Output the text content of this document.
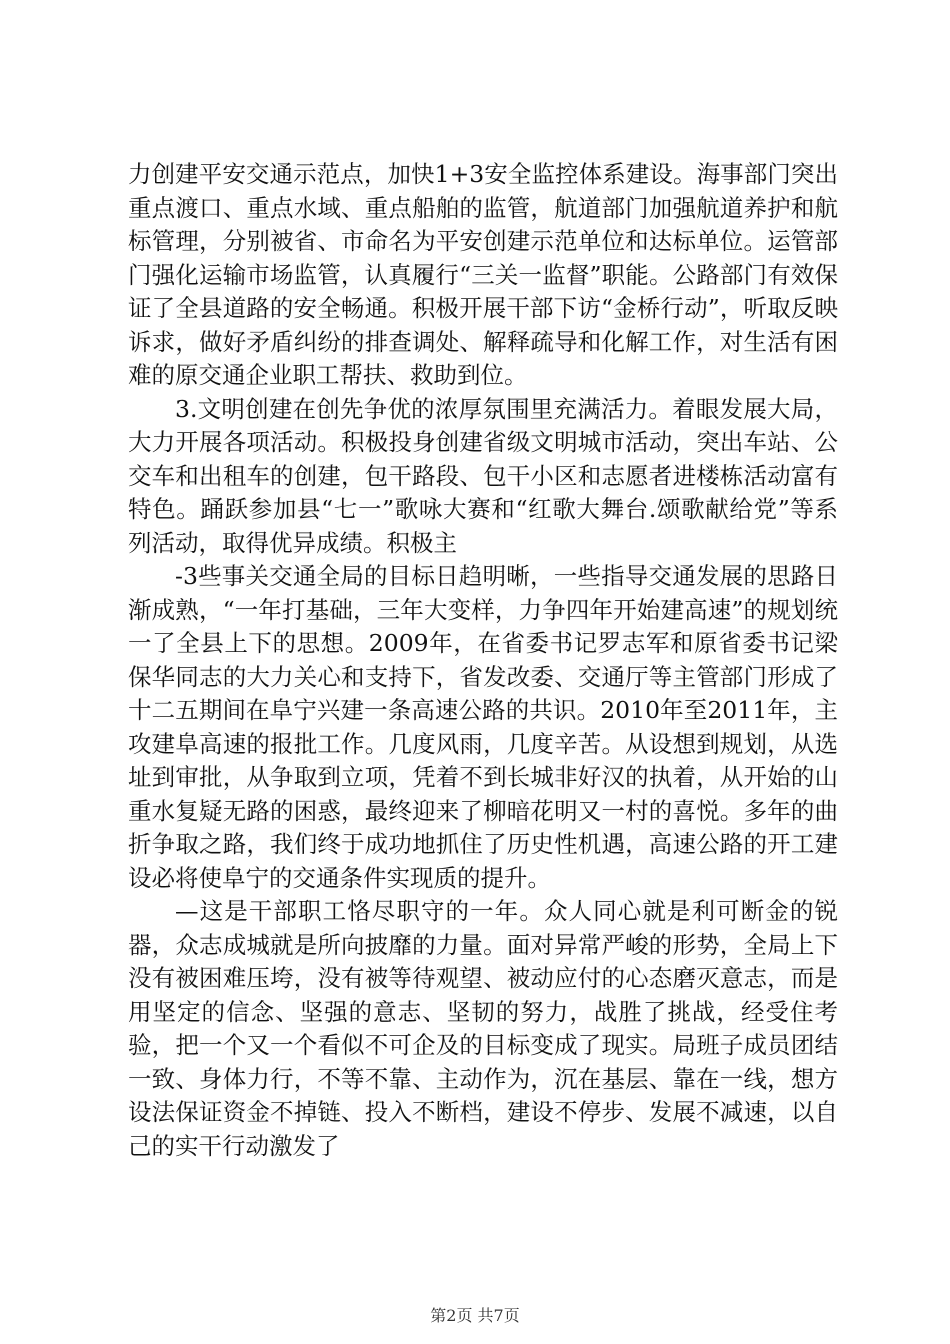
力创建平安交通示范点，加快1+3安全监控体系建设。海事部门突出重点渡口、重点水域、重点船舶的监管，航道部门加强航道养护和航标管理，分别被省、市命名为平安创建示范单位和达标单位。运管部门强化运输市场监管，认真履行“三关一监督”职能。公路部门有效保证了全县道路的安全畅通。积极开展干部下访“金桥行动”，听取反映诉求，做好矛盾纠纷的排查调处、解释疏导和化解工作，对生活有困难的原交通企业职工帮扶、救助到位。

3.文明创建在创先争优的浓厚氛围里充满活力。着眼发展大局，大力开展各项活动。积极投身创建省级文明城市活动，突出车站、公交车和出租车的创建，包干路段、包干小区和志愿者进楼栋活动富有特色。踊跃参加县“七一”歌咏大赛和“红歌大舞台.颂歌献给党”等系列活动，取得优异成绩。积极主

-3些事关交通全局的目标日趋明晰，一些指导交通发展的思路日渐成熟，“一年打基础，三年大变样，力争四年开始建高速”的规划统一了全县上下的思想。2009年，在省委书记罗志军和原省委书记梁保华同志的大力关心和支持下，省发改委、交通厅等主管部门形成了十二五期间在阜宁兴建一条高速公路的共识。2010年至2011年，主攻建阜高速的报批工作。几度风雨，几度辛苦。从设想到规划，从选址到审批，从争取到立项，凭着不到长城非好汉的执着，从开始的山重水复疑无路的困惑，最终迎来了柳暗花明又一村的喜悦。多年的曲折争取之路，我们终于成功地抓住了历史性机遇，高速公路的开工建设必将使阜宁的交通条件实现质的提升。

—这是干部职工恪尽职守的一年。众人同心就是利可断金的锐器，众志成城就是所向披靡的力量。面对异常严峻的形势，全局上下没有被困难压垮，没有被等待观望、被动应付的心态磨灭意志，而是用坚定的信念、坚强的意志、坚韧的努力，战胜了挑战，经受住考验，把一个又一个看似不可企及的目标变成了现实。局班子成员团结一致、身体力行，不等不靠、主动作为，沉在基层、靠在一线，想方设法保证资金不掉链、投入不断档，建设不停步、发展不减速，以自己的实干行动激发了

第2页 共7页
